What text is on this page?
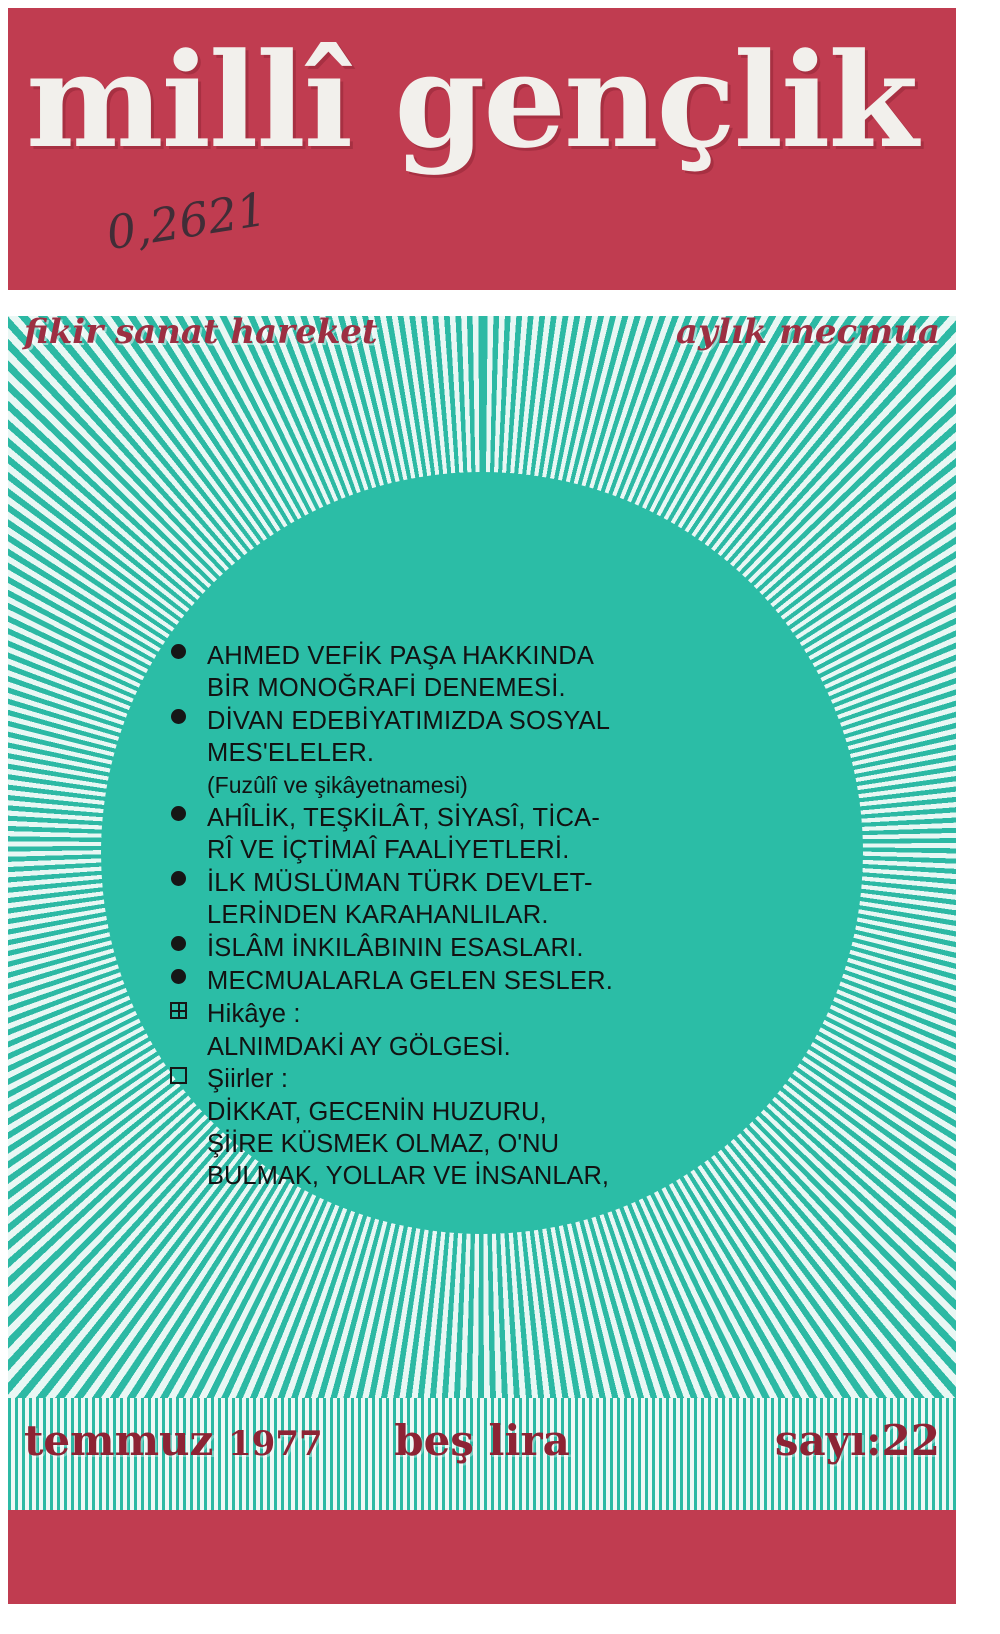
millî gençlik
0,2621
fikir sanat hareket	aylık mecmua
AHMED VEFİK PAŞA HAKKINDA
BİR MONOĞRAFİ DENEMESİ.
DİVAN EDEBİYATIMIZDA SOSYAL
MES'ELELER.
(Fuzûlî ve şikâyetnamesi)
AHÎLİK, TEŞKİLÂT, SİYASÎ, TİCA-
RÎ VE İÇTİMAÎ FAALİYETLERİ.
İLK MÜSLÜMAN TÜRK DEVLET-
LERİNDEN KARAHANLILAR.
İSLÂM İNKILÂBININ ESASLARI.
MECMUALARLA GELEN SESLER.
Hikâye :
ALNIMDAKİ AY GÖLGESİ.
Şiirler :
DİKKAT, GECENİN HUZURU,
ŞİİRE KÜSMEK OLMAZ, O'NU
BULMAK, YOLLAR VE İNSANLAR,
temmuz 1977 beş lira	sayı:22
